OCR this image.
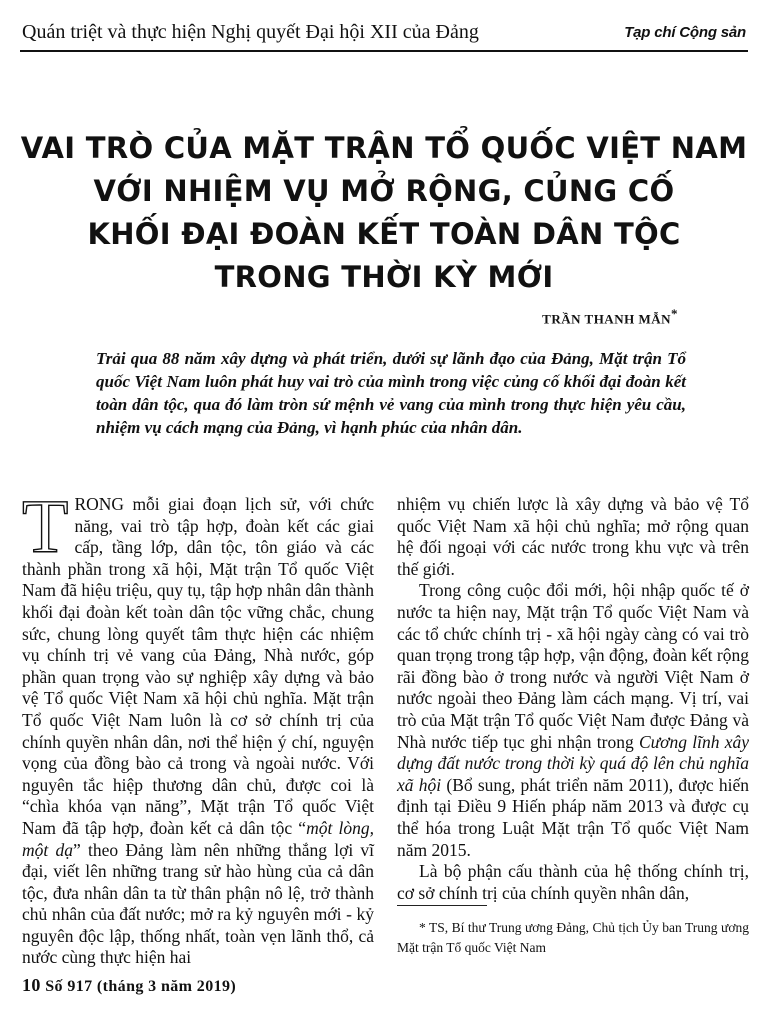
Quán triệt và thực hiện Nghị quyết Đại hội XII của Đảng	Tạp chí Cộng sản
VAI TRÒ CỦA MẶT TRẬN TỔ QUỐC VIỆT NAM
VỚI NHIỆM VỤ MỞ RỘNG, CỦNG CỐ
KHỐI ĐẠI ĐOÀN KẾT TOÀN DÂN TỘC
TRONG THỜI KỲ MỚI
TRẦN THANH MẪN*

Trải qua 88 năm xây dựng và phát triển, dưới sự lãnh đạo của Đảng, Mặt trận Tổ quốc Việt Nam luôn phát huy vai trò của mình trong việc củng cố khối đại đoàn kết toàn dân tộc, qua đó làm tròn sứ mệnh vẻ vang của mình trong thực hiện yêu cầu, nhiệm vụ cách mạng của Đảng, vì hạnh phúc của nhân dân.

TRONG mỗi giai đoạn lịch sử, với chức năng, vai trò tập hợp, đoàn kết các giai cấp, tầng lớp, dân tộc, tôn giáo và các thành phần trong xã hội, Mặt trận Tổ quốc Việt Nam đã hiệu triệu, quy tụ, tập hợp nhân dân thành khối đại đoàn kết toàn dân tộc vững chắc, chung sức, chung lòng quyết tâm thực hiện các nhiệm vụ chính trị vẻ vang của Đảng, Nhà nước, góp phần quan trọng vào sự nghiệp xây dựng và bảo vệ Tổ quốc Việt Nam xã hội chủ nghĩa. Mặt trận Tổ quốc Việt Nam luôn là cơ sở chính trị của chính quyền nhân dân, nơi thể hiện ý chí, nguyện vọng của đồng bào cả trong và ngoài nước. Với nguyên tắc hiệp thương dân chủ, được coi là “chìa khóa vạn năng”, Mặt trận Tổ quốc Việt Nam đã tập hợp, đoàn kết cả dân tộc “một lòng, một dạ” theo Đảng làm nên những thắng lợi vĩ đại, viết lên những trang sử hào hùng của cả dân tộc, đưa nhân dân ta từ thân phận nô lệ, trở thành chủ nhân của đất nước; mở ra kỷ nguyên mới - kỷ nguyên độc lập, thống nhất, toàn vẹn lãnh thổ, cả nước cùng thực hiện hai

nhiệm vụ chiến lược là xây dựng và bảo vệ Tổ quốc Việt Nam xã hội chủ nghĩa; mở rộng quan hệ đối ngoại với các nước trong khu vực và trên thế giới.

Trong công cuộc đổi mới, hội nhập quốc tế ở nước ta hiện nay, Mặt trận Tổ quốc Việt Nam và các tổ chức chính trị - xã hội ngày càng có vai trò quan trọng trong tập hợp, vận động, đoàn kết rộng rãi đồng bào ở trong nước và người Việt Nam ở nước ngoài theo Đảng làm cách mạng. Vị trí, vai trò của Mặt trận Tổ quốc Việt Nam được Đảng và Nhà nước tiếp tục ghi nhận trong Cương lĩnh xây dựng đất nước trong thời kỳ quá độ lên chủ nghĩa xã hội (Bổ sung, phát triển năm 2011), được hiến định tại Điều 9 Hiến pháp năm 2013 và được cụ thể hóa trong Luật Mặt trận Tổ quốc Việt Nam năm 2015.

Là bộ phận cấu thành của hệ thống chính trị, cơ sở chính trị của chính quyền nhân dân,

* TS, Bí thư Trung ương Đảng, Chủ tịch Ủy ban Trung ương Mặt trận Tổ quốc Việt Nam

10 Số 917 (tháng 3 năm 2019)
